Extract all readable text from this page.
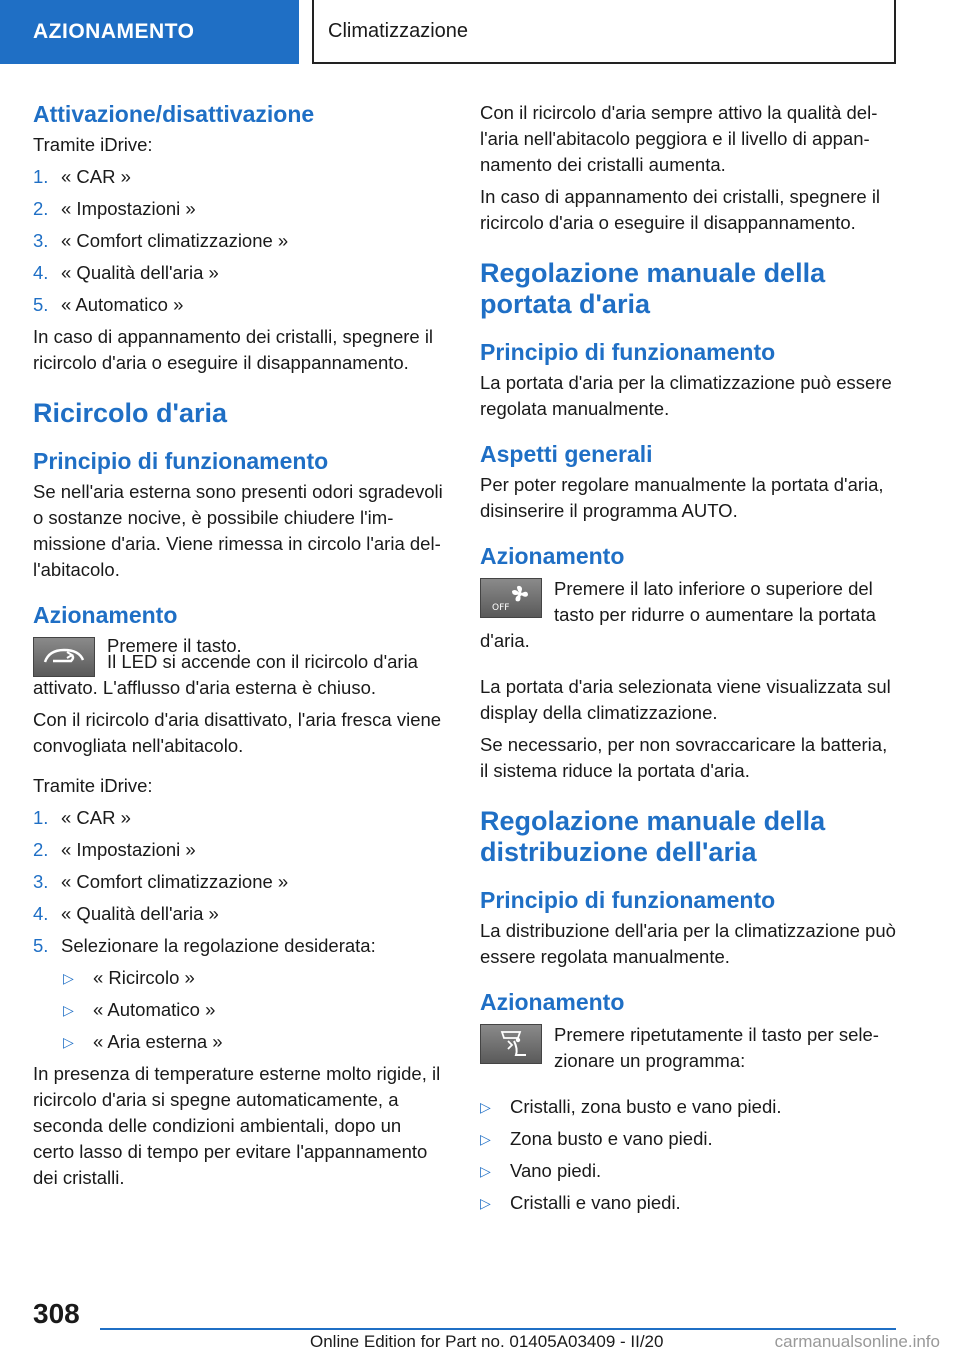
AZIONAMENTO	Climatizzazione
Attivazione/disattivazione
Tramite iDrive:
1. « CAR »
2. « Impostazioni »
3. « Comfort climatizzazione »
4. « Qualità dell'aria »
5. « Automatico »
In caso di appannamento dei cristalli, spegnere il ricircolo d'aria o eseguire il disappannamento.
Ricircolo d'aria
Principio di funzionamento
Se nell'aria esterna sono presenti odori sgradevoli o sostanze nocive, è possibile chiudere l'immissione d'aria. Viene rimessa in circolo l'aria dell'abitacolo.
Azionamento
Premere il tasto.
Il LED si accende con il ricircolo d'aria attivato. L'afflusso d'aria esterna è chiuso.
Con il ricircolo d'aria disattivato, l'aria fresca viene convogliata nell'abitacolo.
Tramite iDrive:
1. « CAR »
2. « Impostazioni »
3. « Comfort climatizzazione »
4. « Qualità dell'aria »
5. Selezionare la regolazione desiderata:
▷	« Ricircolo »
▷	« Automatico »
▷	« Aria esterna »
In presenza di temperature esterne molto rigide, il ricircolo d'aria si spegne automaticamente, a seconda delle condizioni ambientali, dopo un certo lasso di tempo per evitare l'appannamento dei cristalli.
Con il ricircolo d'aria sempre attivo la qualità dell'aria nell'abitacolo peggiora e il livello di appannamento dei cristalli aumenta.
In caso di appannamento dei cristalli, spegnere il ricircolo d'aria o eseguire il disappannamento.
Regolazione manuale della portata d'aria
Principio di funzionamento
La portata d'aria per la climatizzazione può essere regolata manualmente.
Aspetti generali
Per poter regolare manualmente la portata d'aria, disinserire il programma AUTO.
Azionamento
OFF
Premere il lato inferiore o superiore del tasto per ridurre o aumentare la portata d'aria.
La portata d'aria selezionata viene visualizzata sul display della climatizzazione.
Se necessario, per non sovraccaricare la batteria, il sistema riduce la portata d'aria.
Regolazione manuale della distribuzione dell'aria
Principio di funzionamento
La distribuzione dell'aria per la climatizzazione può essere regolata manualmente.
Azionamento
Premere ripetutamente il tasto per selezionare un programma:
▷	Cristalli, zona busto e vano piedi.
▷	Zona busto e vano piedi.
▷	Vano piedi.
▷	Cristalli e vano piedi.
308
Online Edition for Part no. 01405A03409 - II/20	carmanualsonline.info
